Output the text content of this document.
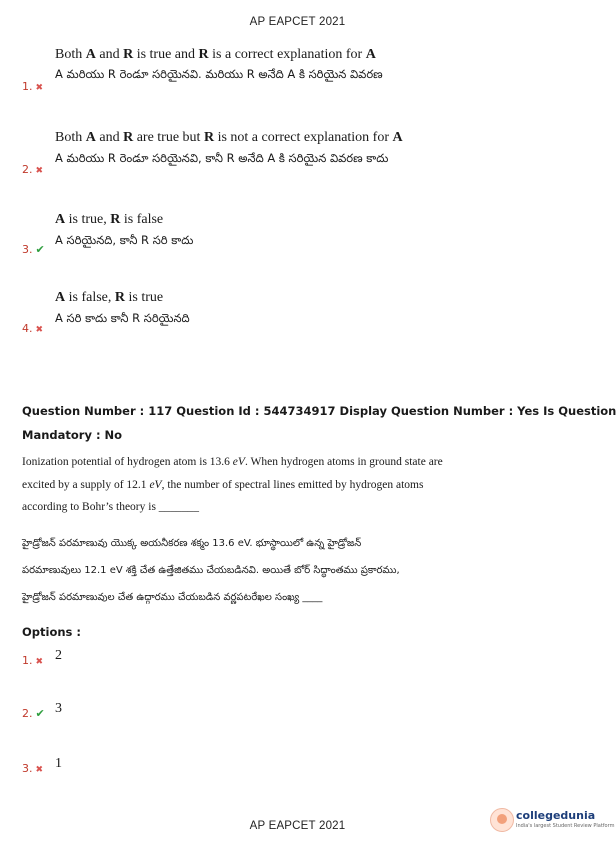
AP EAPCET 2021
1. ✖
Both A and R is true and R is a correct explanation for A
A మరియు R రెండూ సరియైనవి. మరియు R అనేది A కి సరియైన వివరణ
2. ✖
Both A and R are true but R is not a correct explanation for A
A మరియు R రెండూ సరియైనవి, కానీ R అనేది A కి సరియైన వివరణ కాదు
3. ✔
A is true, R is false
A సరియైనది, కానీ R సరి కాదు
4. ✖
A is false, R is true
A సరి కాదు కానీ R సరియైనది
Question Number : 117 Question Id : 544734917 Display Question Number : Yes Is Question
Mandatory : No
Ionization potential of hydrogen atom is 13.6 eV. When hydrogen atoms in ground state are
excited by a supply of 12.1 eV, the number of spectral lines emitted by hydrogen atoms
according to Bohr’s theory is _______
హైడ్రోజన్ పరమాణువు యొక్క అయనీకరణ శక్మం 13.6 eV. భూస్థాయిలో ఉన్న హైడ్రోజన్
పరమాణువులు 12.1 eV శక్తి చేత ఉత్తేజితము చేయబడినవి. అయితే బోర్ సిద్ధాంతము ప్రకారము,
హైడ్రోజన్ పరమాణువుల చేత ఉద్గారము చేయబడిన వర్ణపటరేఖల సంఖ్య ____
Options :
1. ✖ 2
2. ✔ 3
3. ✖ 1
AP EAPCET 2021
collegedunia
India's largest Student Review Platform
